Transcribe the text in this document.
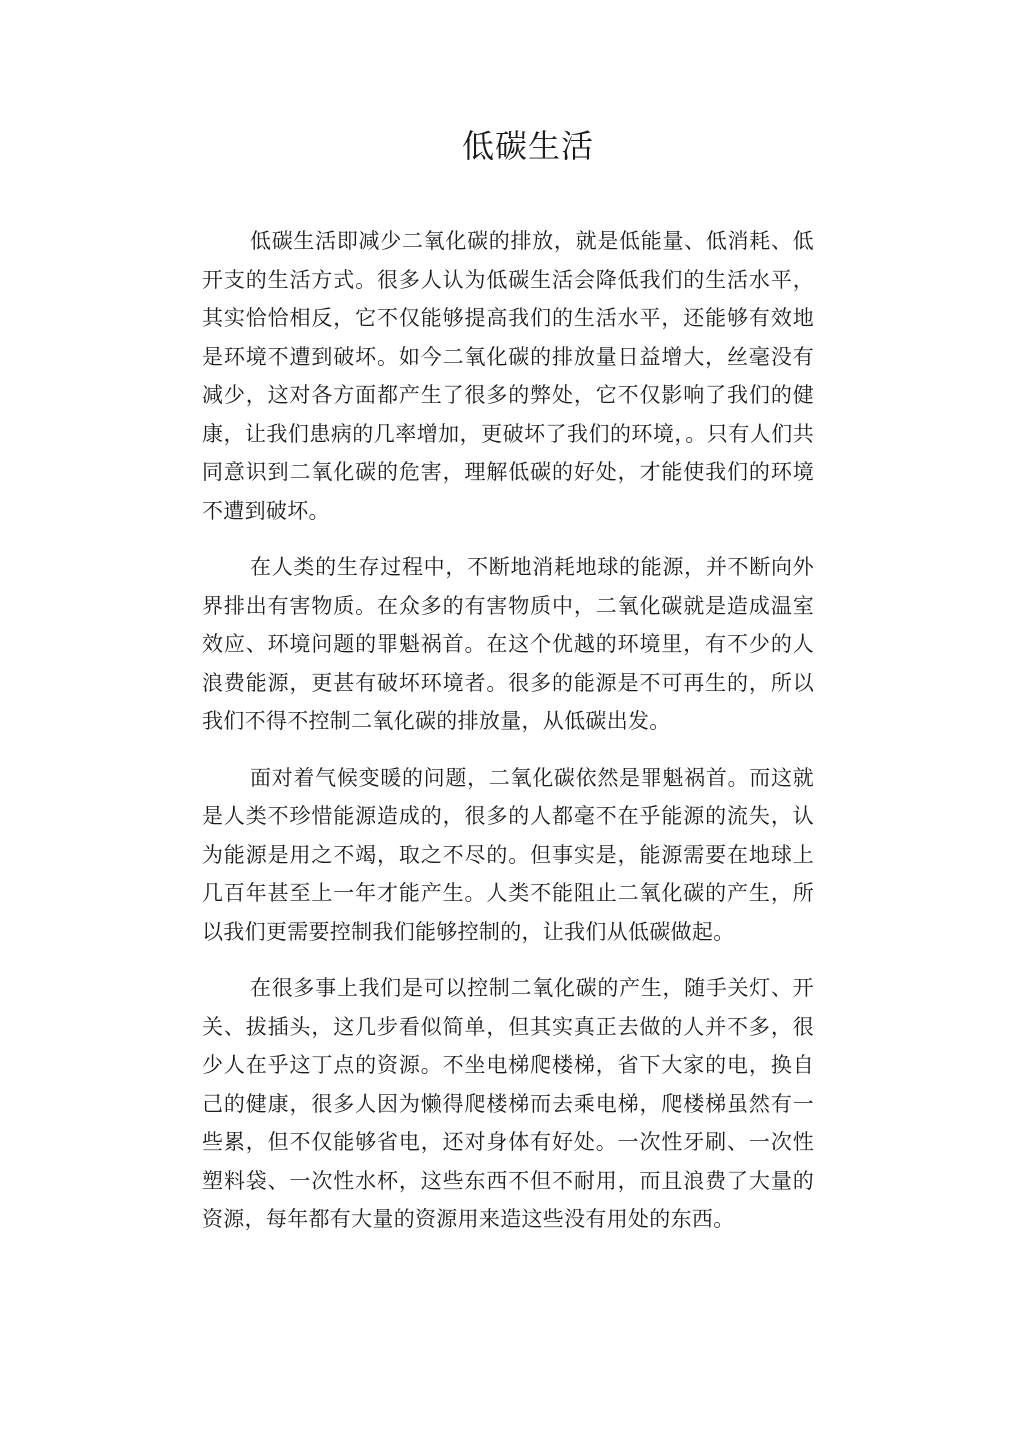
低碳生活

低碳生活即减少二氧化碳的排放，就是低能量、低消耗、低开支的生活方式。很多人认为低碳生活会降低我们的生活水平，其实恰恰相反，它不仅能够提高我们的生活水平，还能够有效地是环境不遭到破坏。如今二氧化碳的排放量日益增大，丝毫没有减少，这对各方面都产生了很多的弊处，它不仅影响了我们的健康，让我们患病的几率增加，更破坏了我们的环境，。只有人们共同意识到二氧化碳的危害，理解低碳的好处，才能使我们的环境不遭到破坏。

在人类的生存过程中，不断地消耗地球的能源，并不断向外界排出有害物质。在众多的有害物质中，二氧化碳就是造成温室效应、环境问题的罪魁祸首。在这个优越的环境里，有不少的人浪费能源，更甚有破坏环境者。很多的能源是不可再生的，所以我们不得不控制二氧化碳的排放量，从低碳出发。

面对着气候变暖的问题，二氧化碳依然是罪魁祸首。而这就是人类不珍惜能源造成的，很多的人都毫不在乎能源的流失，认为能源是用之不竭，取之不尽的。但事实是，能源需要在地球上几百年甚至上一年才能产生。人类不能阻止二氧化碳的产生，所以我们更需要控制我们能够控制的，让我们从低碳做起。

在很多事上我们是可以控制二氧化碳的产生，随手关灯、开关、拔插头，这几步看似简单，但其实真正去做的人并不多，很少人在乎这丁点的资源。不坐电梯爬楼梯，省下大家的电，换自己的健康，很多人因为懒得爬楼梯而去乘电梯，爬楼梯虽然有一些累，但不仅能够省电，还对身体有好处。一次性牙刷、一次性塑料袋、一次性水杯，这些东西不但不耐用，而且浪费了大量的资源，每年都有大量的资源用来造这些没有用处的东西。
